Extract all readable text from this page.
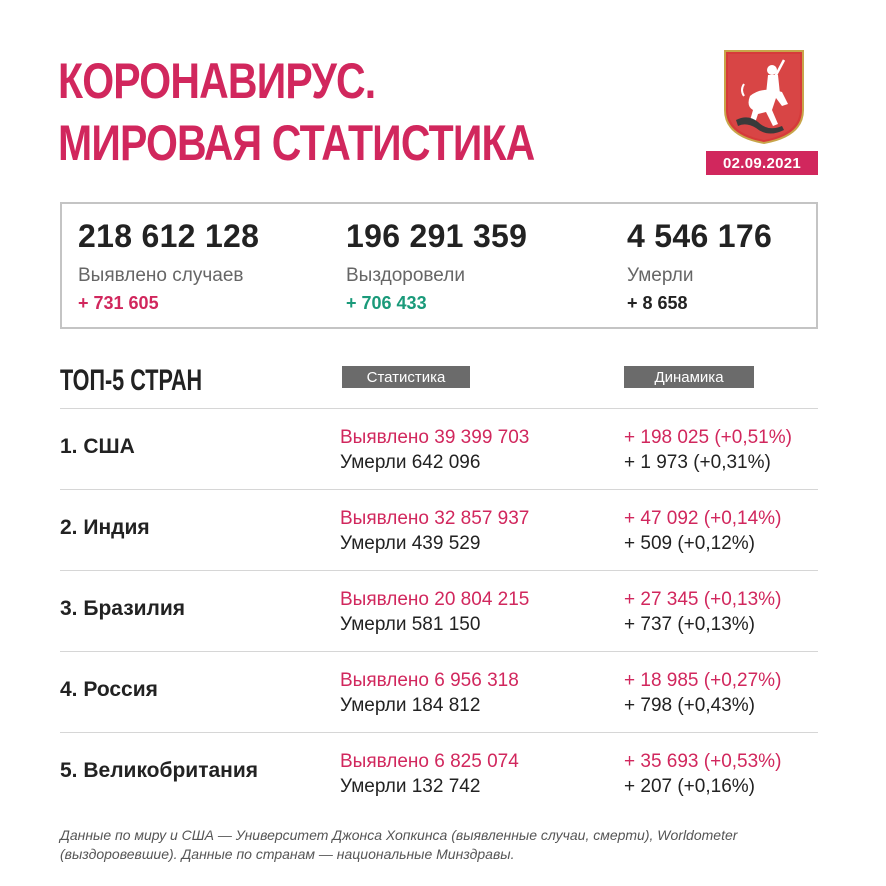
КОРОНАВИРУС.
МИРОВАЯ СТАТИСТИКА	02.09.2021
218 612 128
Выявлено случаев
+ 731 605
196 291 359
Выздоровели
+ 706 433
4 546 176
Умерли
+ 8 658
ТОП-5 СТРАН	Статистика	Динамика
1. США	Выявлено 39 399 703
Умерли 642 096
+ 198 025 (+0,51%)
+ 1 973 (+0,31%)
2. Индия	Выявлено 32 857 937
Умерли 439 529
+ 47 092 (+0,14%)
+ 509 (+0,12%)
3. Бразилия	Выявлено 20 804 215
Умерли 581 150
+ 27 345 (+0,13%)
+ 737 (+0,13%)
4. Россия	Выявлено 6 956 318
Умерли 184 812
+ 18 985 (+0,27%)
+ 798 (+0,43%)
5. Великобритания	Выявлено 6 825 074
Умерли 132 742
+ 35 693 (+0,53%)
+ 207 (+0,16%)
Данные по миру и США — Университет Джонса Хопкинса (выявленные случаи, смерти), Worldometer
(выздоровевшие). Данные по странам — национальные Минздравы.
